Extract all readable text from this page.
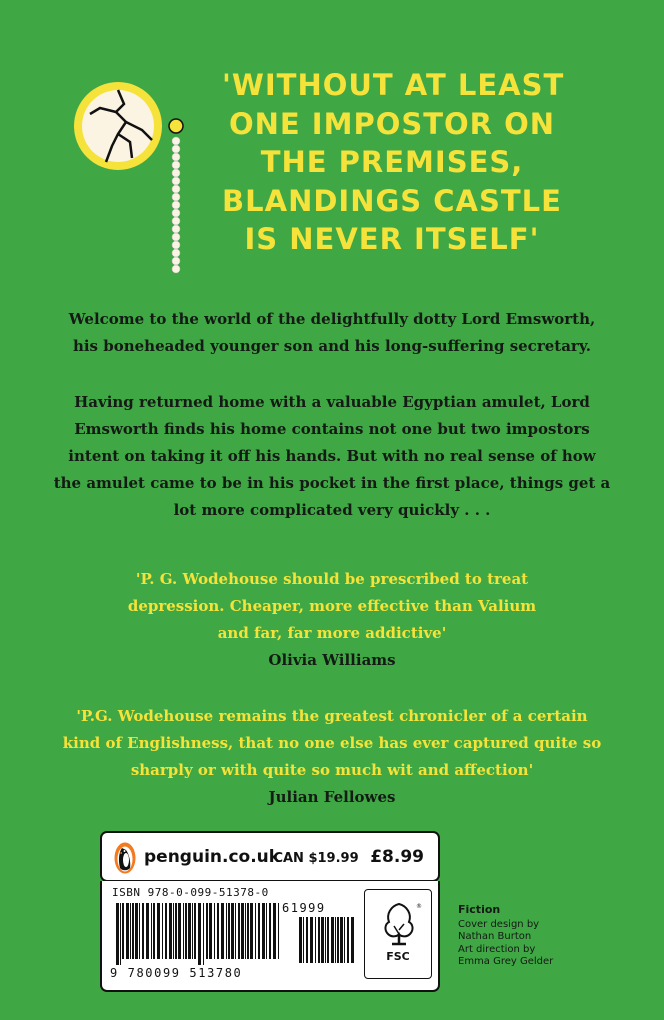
'WITHOUT AT LEAST
ONE IMPOSTOR ON
THE PREMISES,
BLANDINGS CASTLE
IS NEVER ITSELF'
Welcome to the world of the delightfully dotty Lord Emsworth,
his boneheaded younger son and his long-suffering secretary.
Having returned home with a valuable Egyptian amulet, Lord
Emsworth finds his home contains not one but two impostors
intent on taking it off his hands. But with no real sense of how
the amulet came to be in his pocket in the first place, things get a
lot more complicated very quickly . . .
'P. G. Wodehouse should be prescribed to treat
depression. Cheaper, more effective than Valium
and far, far more addictive'
Olivia Williams
'P.G. Wodehouse remains the greatest chronicler of a certain
kind of Englishness, that no one else has ever captured quite so
sharply or with quite so much wit and affection'
Julian Fellowes
penguin.co.uk
CAN $19.99 £8.99
ISBN 978-0-099-51378-0
9 780099 513780
61999	®
FSC
Fiction
Cover design by
Nathan Burton
Art direction by
Emma Grey Gelder
